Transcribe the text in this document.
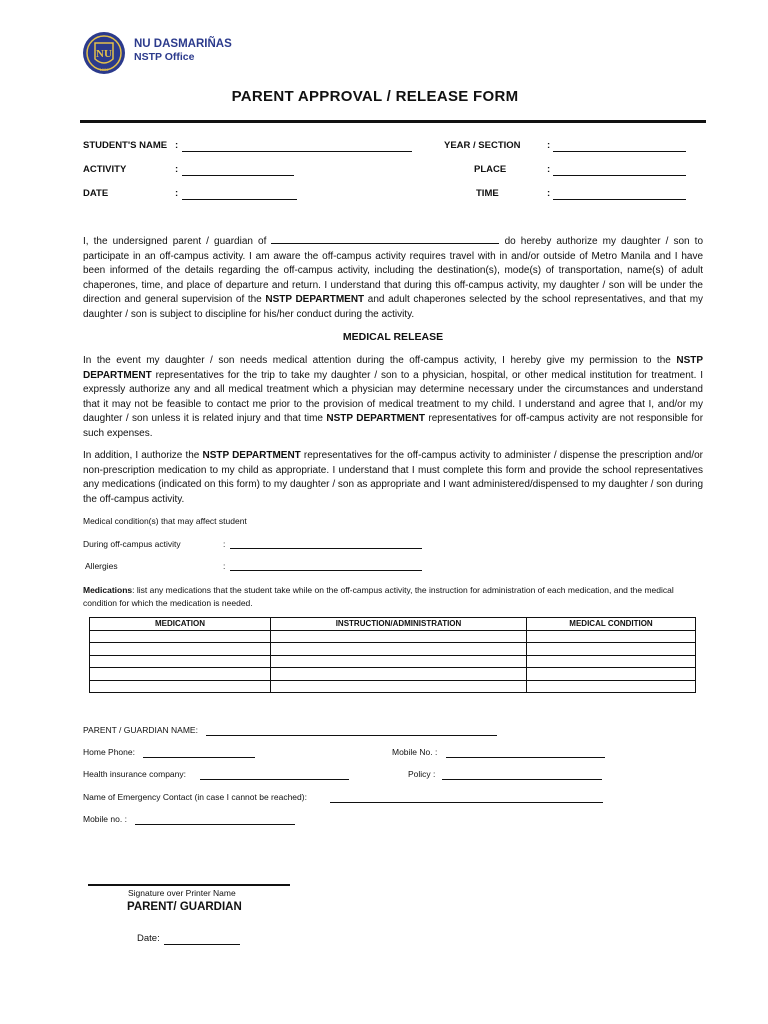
NU
1900
NU DASMARIÑAS
NSTP Office
PARENT APPROVAL / RELEASE FORM
STUDENT'S NAME :
ACTIVITY	:
DATE	:
YEAR / SECTION	:
PLACE	:
TIME	:
I, the undersigned parent / guardian of	do hereby authorize my daughter / son to participate in an off-campus activity. I am aware the off-campus activity requires travel with in and/or outside of Metro Manila and I have been informed of the details regarding the off-campus activity, including the destination(s), mode(s) of transportation, name(s) of adult chaperones, time, and place of departure and return. I understand that during this off-campus activity, my daughter / son will be under the direction and general supervision of the NSTP DEPARTMENT and adult chaperones selected by the school representatives, and that my daughter / son is subject to discipline for his/her conduct during the activity.
MEDICAL RELEASE
In the event my daughter / son needs medical attention during the off-campus activity, I hereby give my permission to the NSTP DEPARTMENT representatives for the trip to take my daughter / son to a physician, hospital, or other medical institution for treatment. I expressly authorize any and all medical treatment which a physician may determine necessary under the circumstances and understand that it may not be feasible to contact me prior to the provision of medical treatment to my child. I understand and agree that I, and/or my daughter / son unless it is related injury and that time NSTP DEPARTMENT representatives for off-campus activity are not responsible for such expenses.
In addition, I authorize the NSTP DEPARTMENT representatives for the off-campus activity to administer / dispense the prescription and/or non-prescription medication to my child as appropriate. I understand that I must complete this form and provide the school representatives any medications (indicated on this form) to my daughter / son as appropriate and I want administered/dispensed to my daughter / son during the off-campus activity.
Medical condition(s) that may affect student
During off-campus activity	:
Allergies	:
Medications: list any medications that the student take while on the off-campus activity, the instruction for administration of each medication, and the medical condition for which the medication is needed.
MEDICATION	INSTRUCTION/ADMINISTRATION	MEDICAL CONDITION

PARENT / GUARDIAN NAME:
Home Phone:	Mobile No. :
Health insurance company:	Policy :
Name of Emergency Contact (in case I cannot be reached):
Mobile no. :
Signature over Printer Name
PARENT/ GUARDIAN
Date:
